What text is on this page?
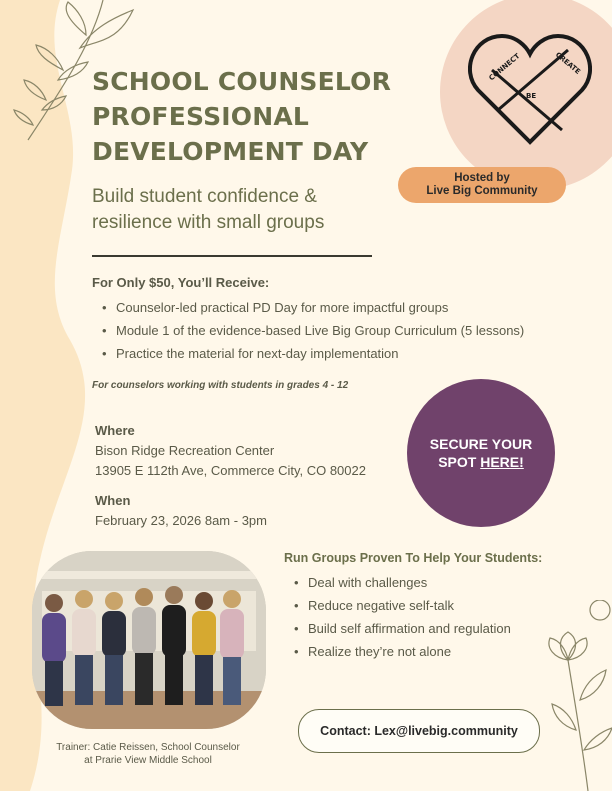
CONNECT	CREATE
BE
Hosted by
Live Big Community
SCHOOL COUNSELOR PROFESSIONAL DEVELOPMENT DAY
Build student confidence & resilience with small groups
For Only $50, You’ll Receive:
• Counselor-led practical PD Day for more impactful groups
• Module 1 of the evidence-based Live Big Group Curriculum (5 lessons)
• Practice the material for next-day implementation
For counselors working with students in grades 4 - 12
Where
Bison Ridge Recreation Center
13905 E 112th Ave, Commerce City, CO 80022
When
February 23, 2026 8am - 3pm
SECURE YOUR
SPOT HERE!
Trainer: Catie Reissen, School Counselor
at Prarie View Middle School
Run Groups Proven To Help Your Students:
• Deal with challenges
• Reduce negative self-talk
• Build self affirmation and regulation
• Realize they’re not alone
Contact: Lex@livebig.community
